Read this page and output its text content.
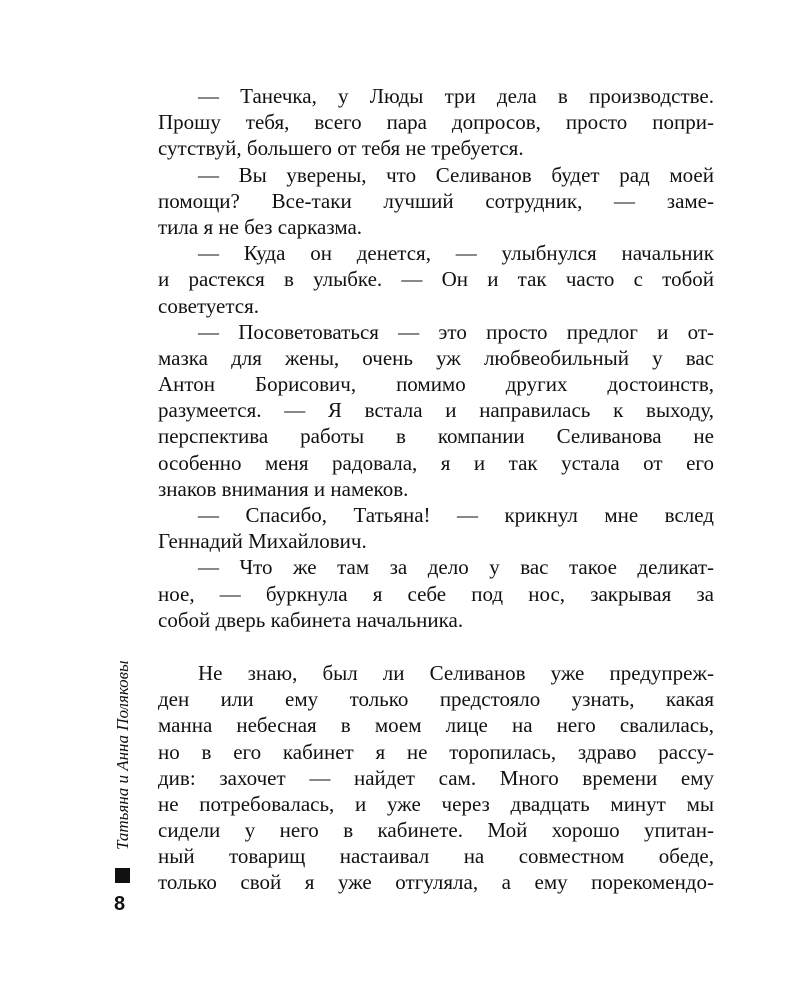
— Танечка, у Люды три дела в производстве.
Прошу тебя, всего пара допросов, просто попри-
сутствуй, большего от тебя не требуется.
— Вы уверены, что Селиванов будет рад моей
помощи? Все-таки лучший сотрудник, — заме-
тила я не без сарказма.
— Куда он денется, — улыбнулся начальник
и растекся в улыбке. — Он и так часто с тобой
советуется.
— Посоветоваться — это просто предлог и от-
мазка для жены, очень уж любвеобильный у вас
Антон Борисович, помимо других достоинств,
разумеется. — Я встала и направилась к выходу,
перспектива работы в компании Селиванова не
особенно меня радовала, я и так устала от его
знаков внимания и намеков.
— Спасибо, Татьяна! — крикнул мне вслед
Геннадий Михайлович.
— Что же там за дело у вас такое деликат-
ное, — буркнула я себе под нос, закрывая за
собой дверь кабинета начальника.
Не знаю, был ли Селиванов уже предупреж-
ден или ему только предстояло узнать, какая
манна небесная в моем лице на него свалилась,
но в его кабинет я не торопилась, здраво рассу-
див: захочет — найдет сам. Много времени ему
не потребовалась, и уже через двадцать минут мы
сидели у него в кабинете. Мой хорошо упитан-
ный товарищ настаивал на совместном обеде,
только свой я уже отгуляла, а ему порекомендо-
Татьяна и Анна Поляковы
8
